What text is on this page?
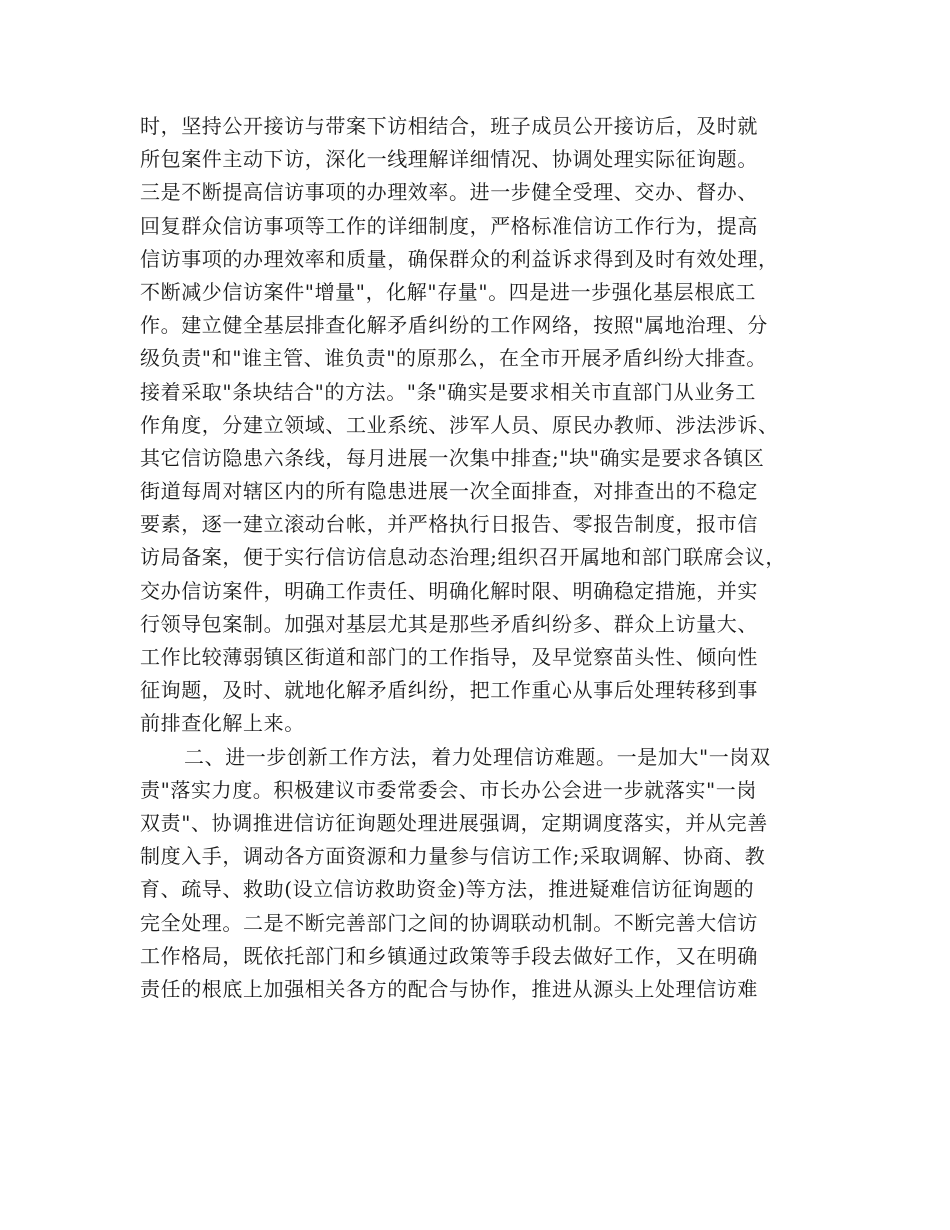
时，坚持公开接访与带案下访相结合，班子成员公开接访后，及时就
所包案件主动下访，深化一线理解详细情况、协调处理实际征询题。
三是不断提高信访事项的办理效率。进一步健全受理、交办、督办、
回复群众信访事项等工作的详细制度，严格标准信访工作行为，提高
信访事项的办理效率和质量，确保群众的利益诉求得到及时有效处理，
不断减少信访案件"增量"，化解"存量"。四是进一步强化基层根底工
作。建立健全基层排查化解矛盾纠纷的工作网络，按照"属地治理、分
级负责"和"谁主管、谁负责"的原那么，在全市开展矛盾纠纷大排查。
接着采取"条块结合"的方法。"条"确实是要求相关市直部门从业务工
作角度，分建立领域、工业系统、涉军人员、原民办教师、涉法涉诉、
其它信访隐患六条线，每月进展一次集中排查;"块"确实是要求各镇区
街道每周对辖区内的所有隐患进展一次全面排查，对排查出的不稳定
要素，逐一建立滚动台帐，并严格执行日报告、零报告制度，报市信
访局备案，便于实行信访信息动态治理;组织召开属地和部门联席会议，
交办信访案件，明确工作责任、明确化解时限、明确稳定措施，并实
行领导包案制。加强对基层尤其是那些矛盾纠纷多、群众上访量大、
工作比较薄弱镇区街道和部门的工作指导，及早觉察苗头性、倾向性
征询题，及时、就地化解矛盾纠纷，把工作重心从事后处理转移到事
前排查化解上来。
二、进一步创新工作方法，着力处理信访难题。一是加大"一岗双
责"落实力度。积极建议市委常委会、市长办公会进一步就落实"一岗
双责"、协调推进信访征询题处理进展强调，定期调度落实，并从完善
制度入手，调动各方面资源和力量参与信访工作;采取调解、协商、教
育、疏导、救助(设立信访救助资金)等方法，推进疑难信访征询题的
完全处理。二是不断完善部门之间的协调联动机制。不断完善大信访
工作格局，既依托部门和乡镇通过政策等手段去做好工作，又在明确
责任的根底上加强相关各方的配合与协作，推进从源头上处理信访难
